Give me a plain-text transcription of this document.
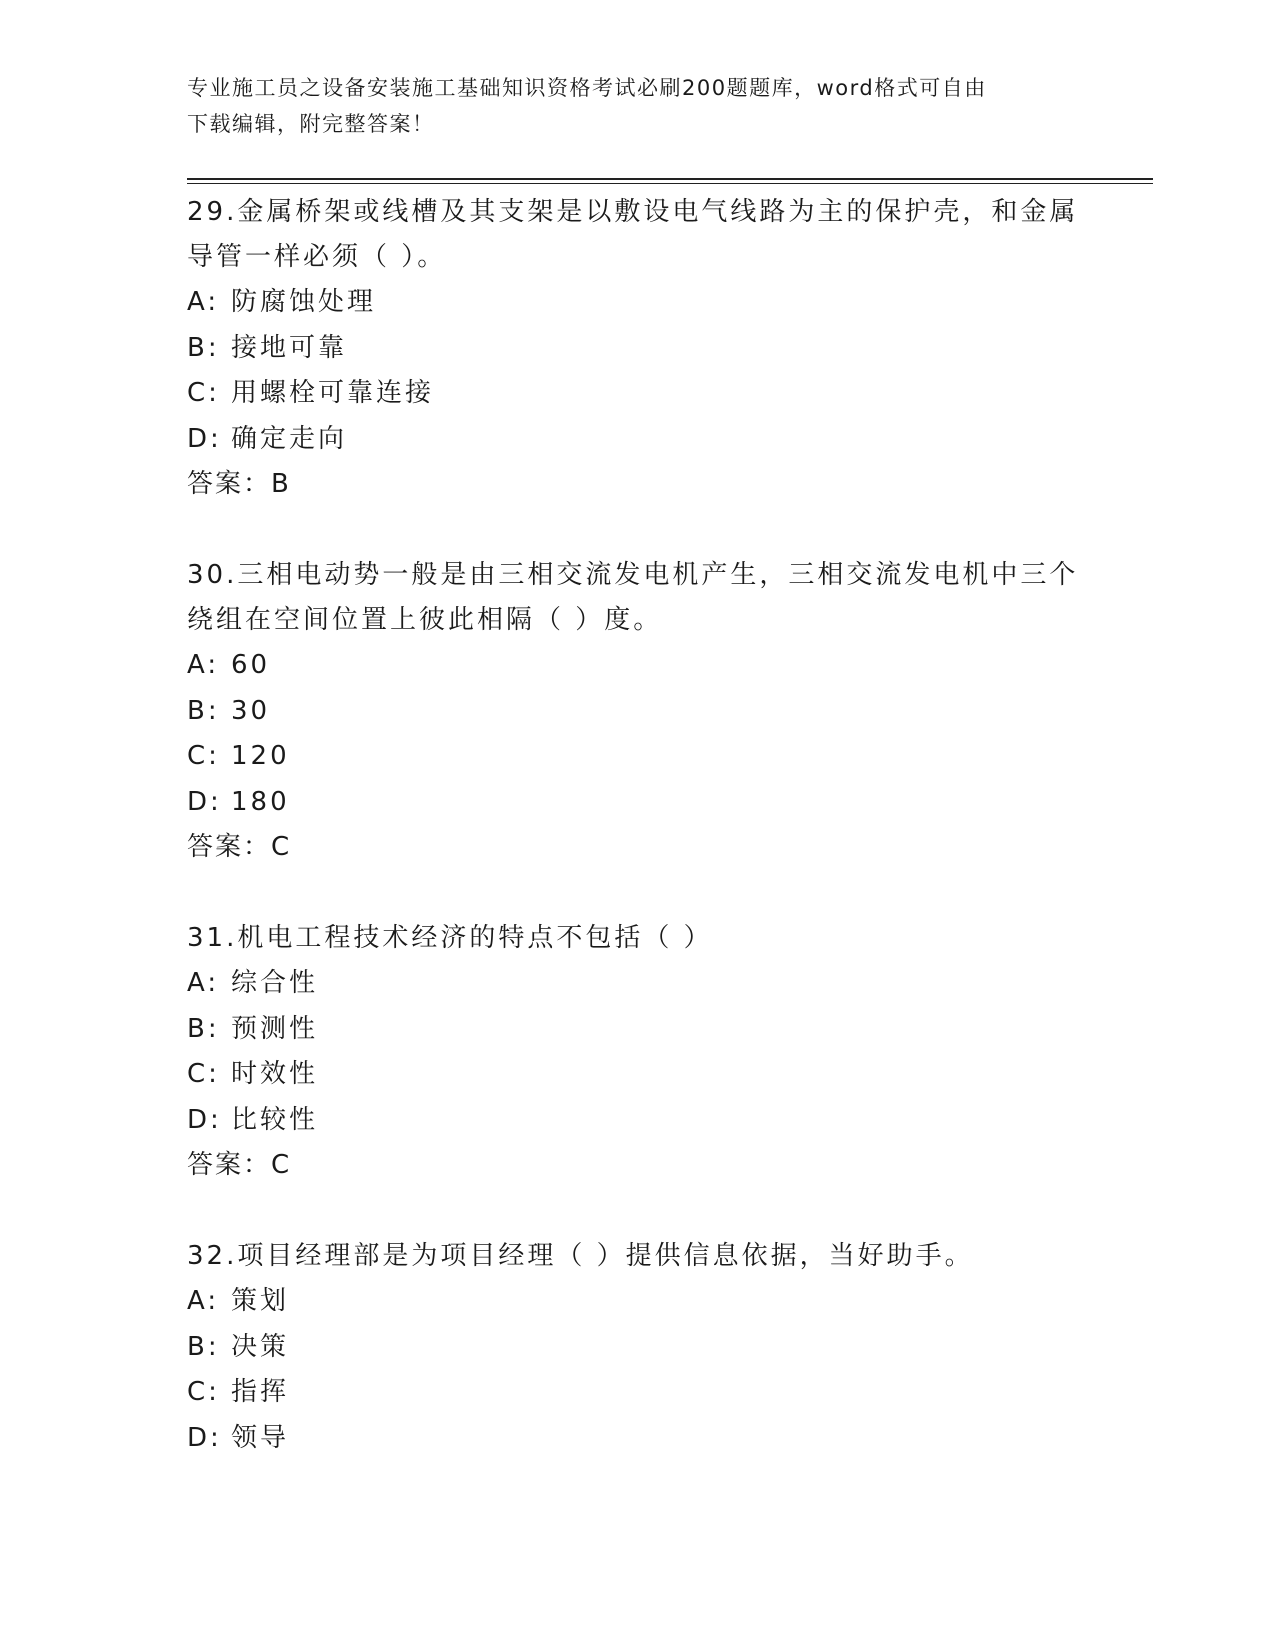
专业施工员之设备安装施工基础知识资格考试必刷200题题库，word格式可自由
下载编辑，附完整答案！

29.金属桥架或线槽及其支架是以敷设电气线路为主的保护壳，和金属

导管一样必须（ ）。

A: 防腐蚀处理

B: 接地可靠

C: 用螺栓可靠连接

D: 确定走向

答案：B

30.三相电动势一般是由三相交流发电机产生，三相交流发电机中三个

绕组在空间位置上彼此相隔（ ）度。

A: 60

B: 30

C: 120

D: 180

答案：C

31.机电工程技术经济的特点不包括（ ）

A: 综合性

B: 预测性

C: 时效性

D: 比较性

答案：C

32.项目经理部是为项目经理（ ）提供信息依据，当好助手。

A: 策划

B: 决策

C: 指挥

D: 领导
